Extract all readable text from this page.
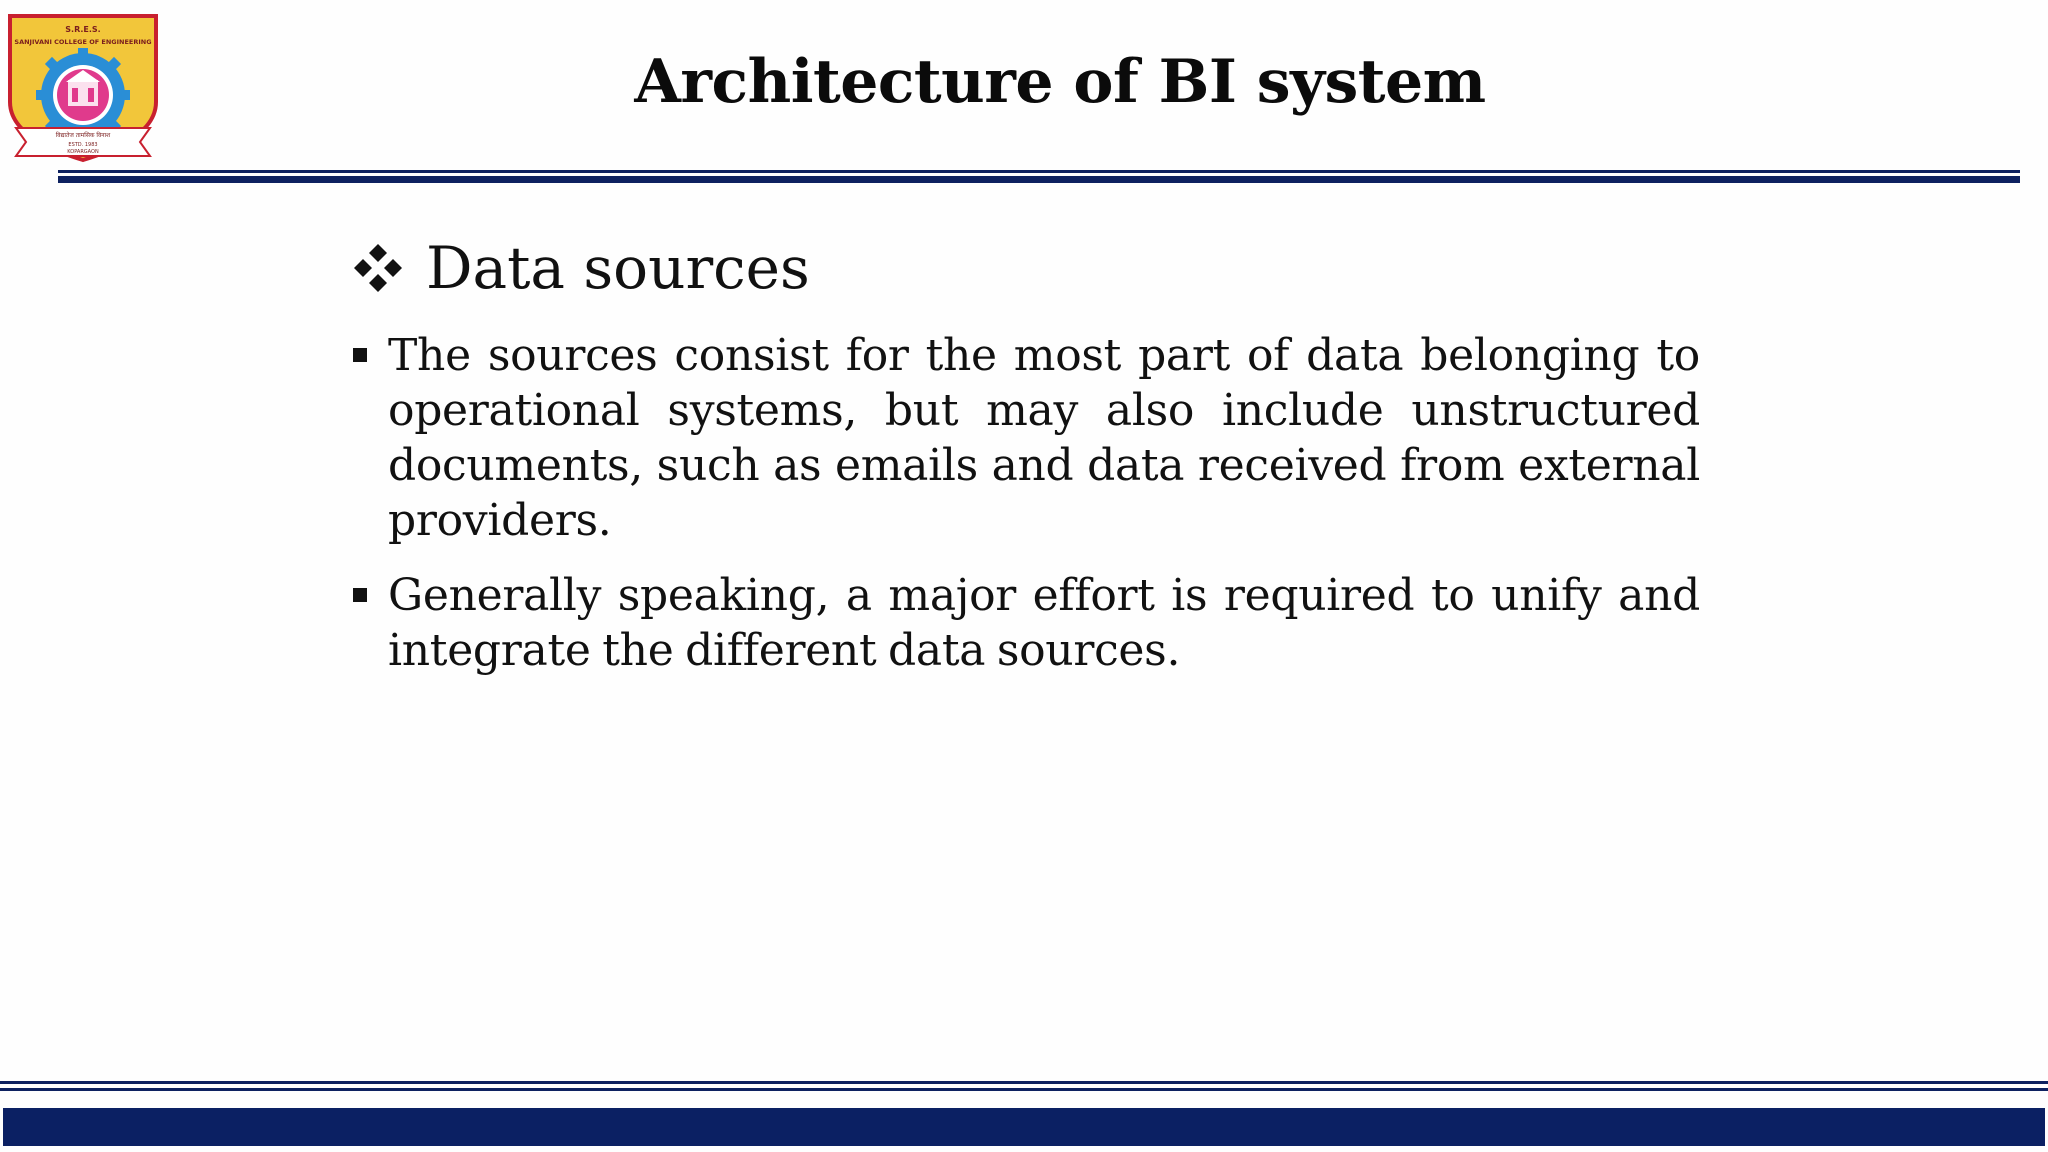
S.R.E.S.
SANJIVANI COLLEGE OF ENGINEERING
विद्यातेज तामसिक विनाश
ESTD. 1983
KOPARGAON
Architecture of BI system
Data sources
The sources consist for the most part of data belonging to operational systems, but may also include unstructured documents, such as emails and data received from external providers.
Generally speaking, a major effort is required to unify and integrate the different data sources.
